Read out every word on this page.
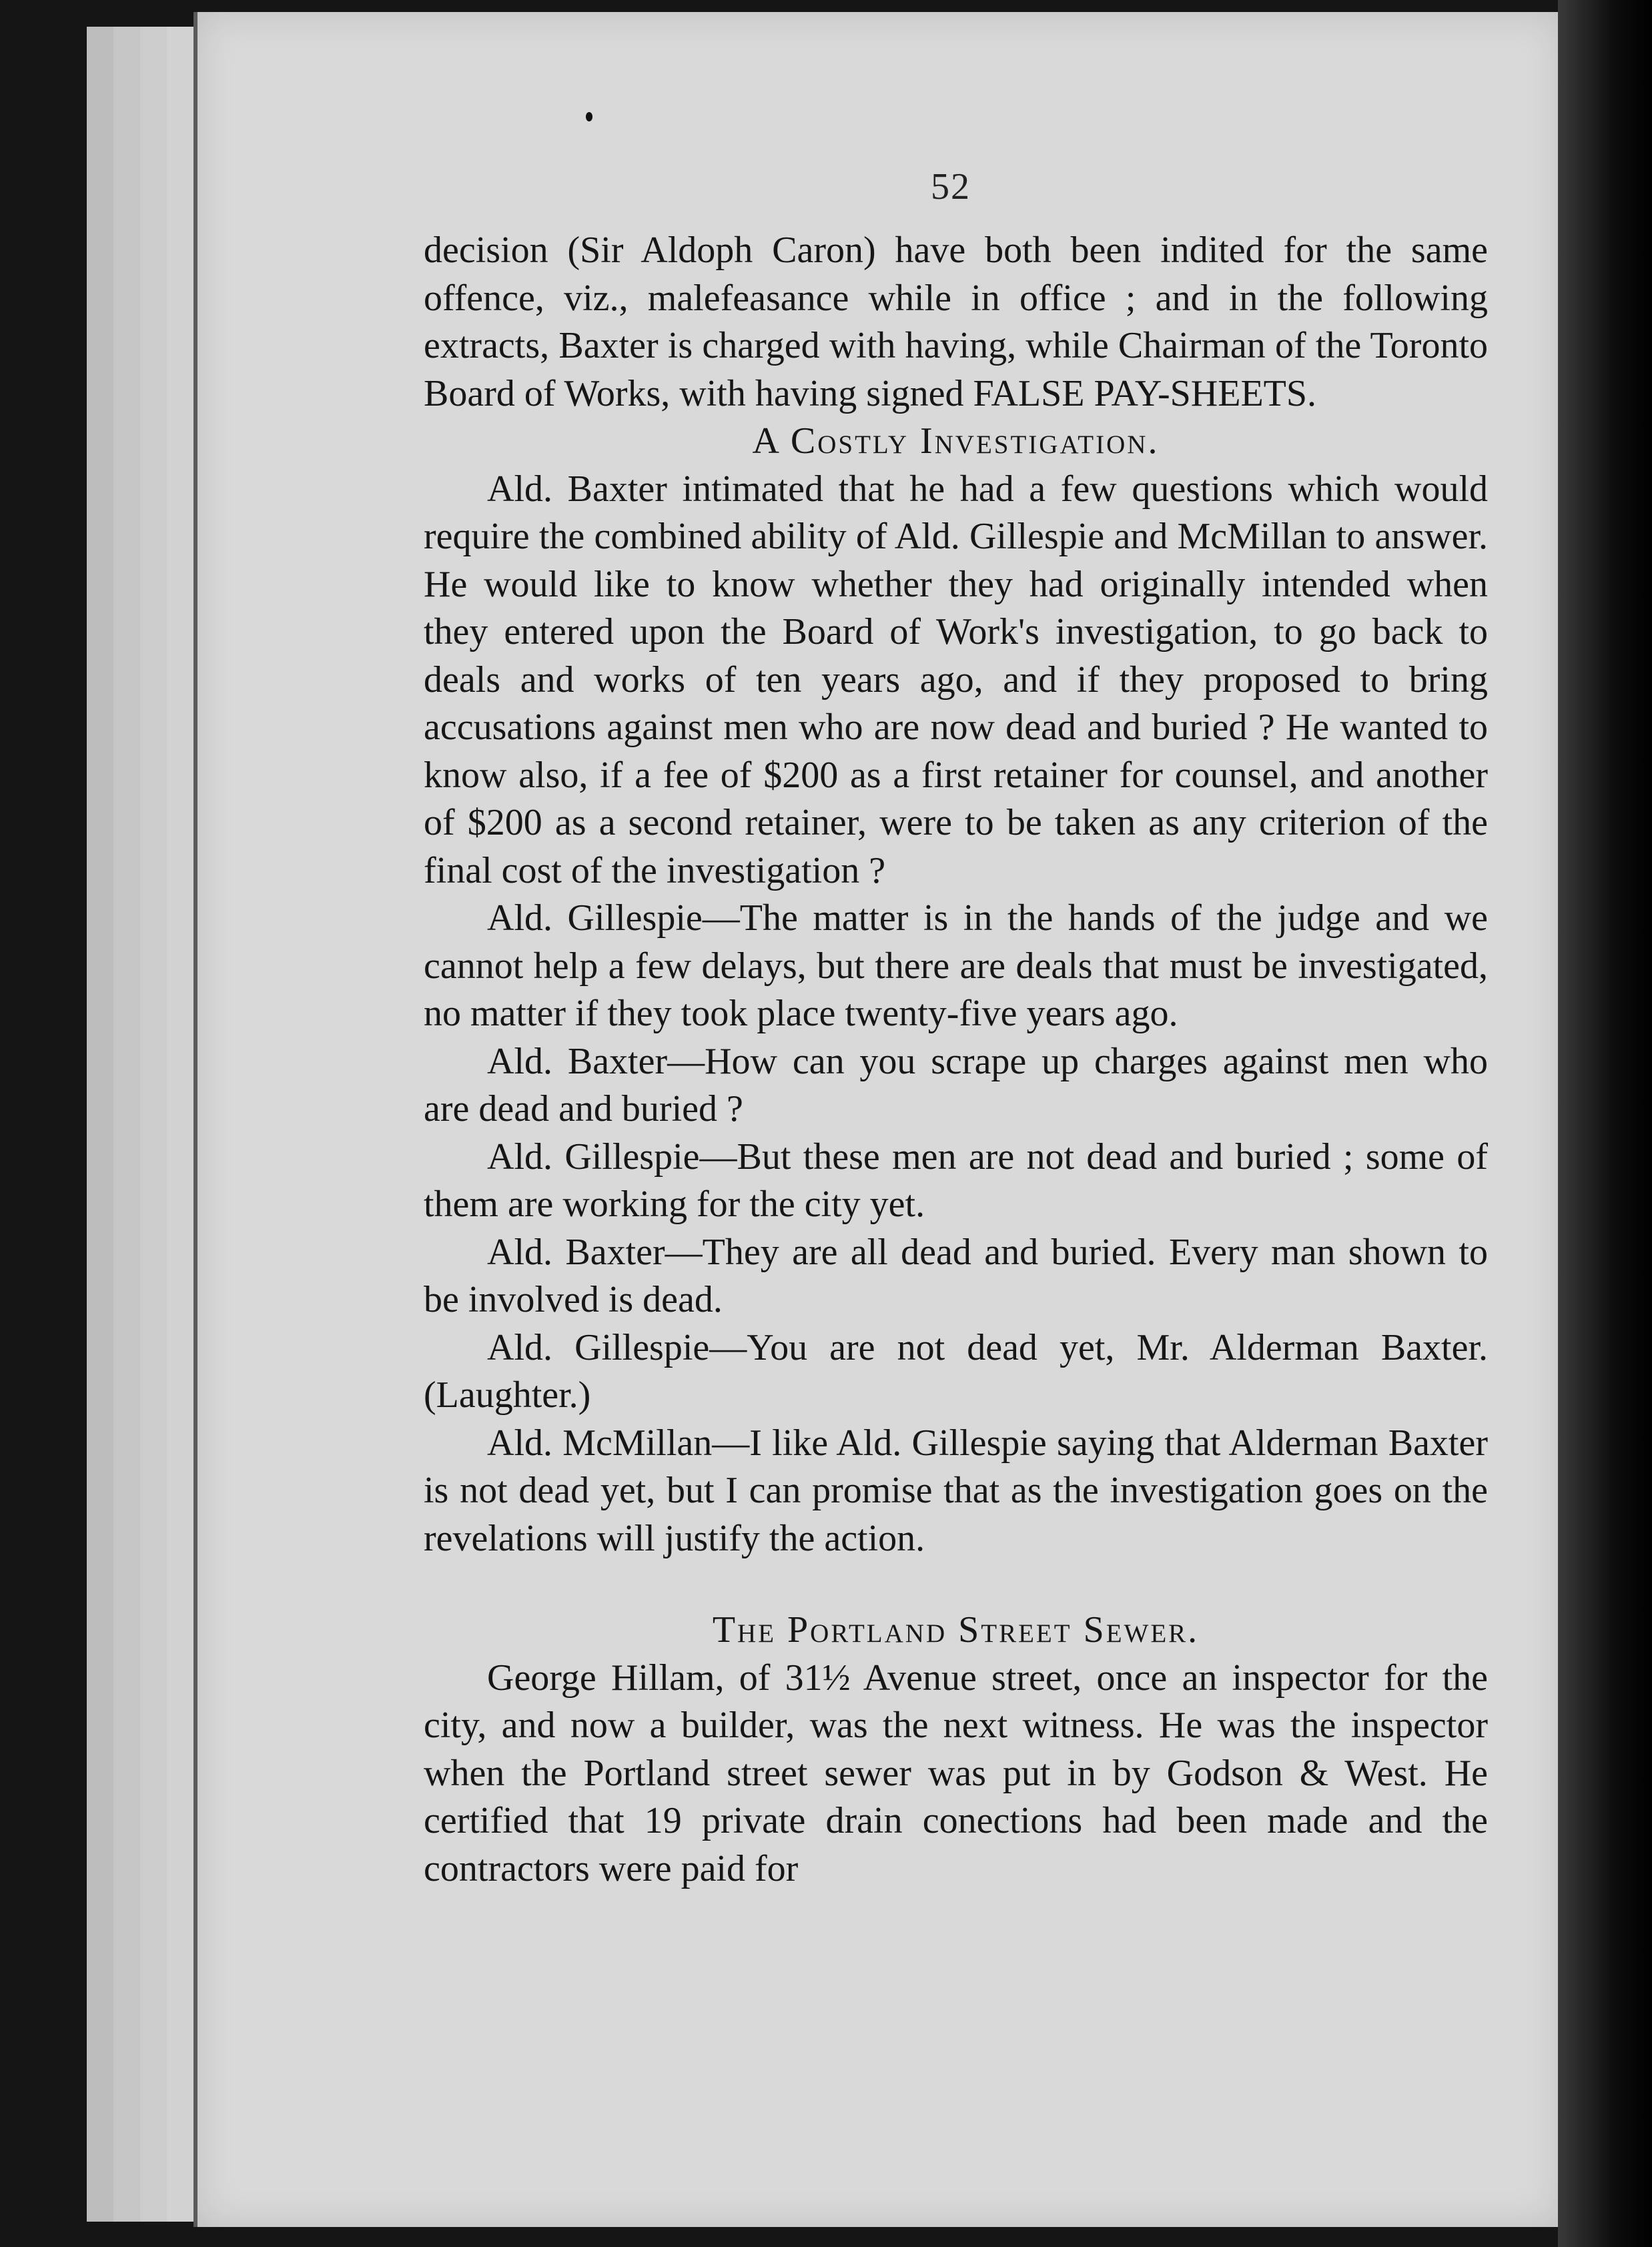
52

decision (Sir Aldoph Caron) have both been indited for the same offence, viz., malefeasance while in office ; and in the following extracts, Baxter is charged with having, while Chairman of the Toronto Board of Works, with having signed FALSE PAY-SHEETS.

A Costly Investigation.

Ald. Baxter intimated that he had a few questions which would require the combined ability of Ald. Gillespie and McMillan to answer. He would like to know whether they had originally intended when they entered upon the Board of Work's investigation, to go back to deals and works of ten years ago, and if they proposed to bring accusations against men who are now dead and buried ? He wanted to know also, if a fee of $200 as a first retainer for counsel, and another of $200 as a second retainer, were to be taken as any criterion of the final cost of the investigation ?

Ald. Gillespie—The matter is in the hands of the judge and we cannot help a few delays, but there are deals that must be investigated, no matter if they took place twenty-five years ago.

Ald. Baxter—How can you scrape up charges against men who are dead and buried ?

Ald. Gillespie—But these men are not dead and buried ; some of them are working for the city yet.

Ald. Baxter—They are all dead and buried. Every man shown to be involved is dead.

Ald. Gillespie—You are not dead yet, Mr. Alderman Baxter. (Laughter.)

Ald. McMillan—I like Ald. Gillespie saying that Alderman Baxter is not dead yet, but I can promise that as the investigation goes on the revelations will justify the action.

The Portland Street Sewer.

George Hillam, of 31½ Avenue street, once an inspector for the city, and now a builder, was the next witness. He was the inspector when the Portland street sewer was put in by Godson & West. He certified that 19 private drain conections had been made and the contractors were paid for
